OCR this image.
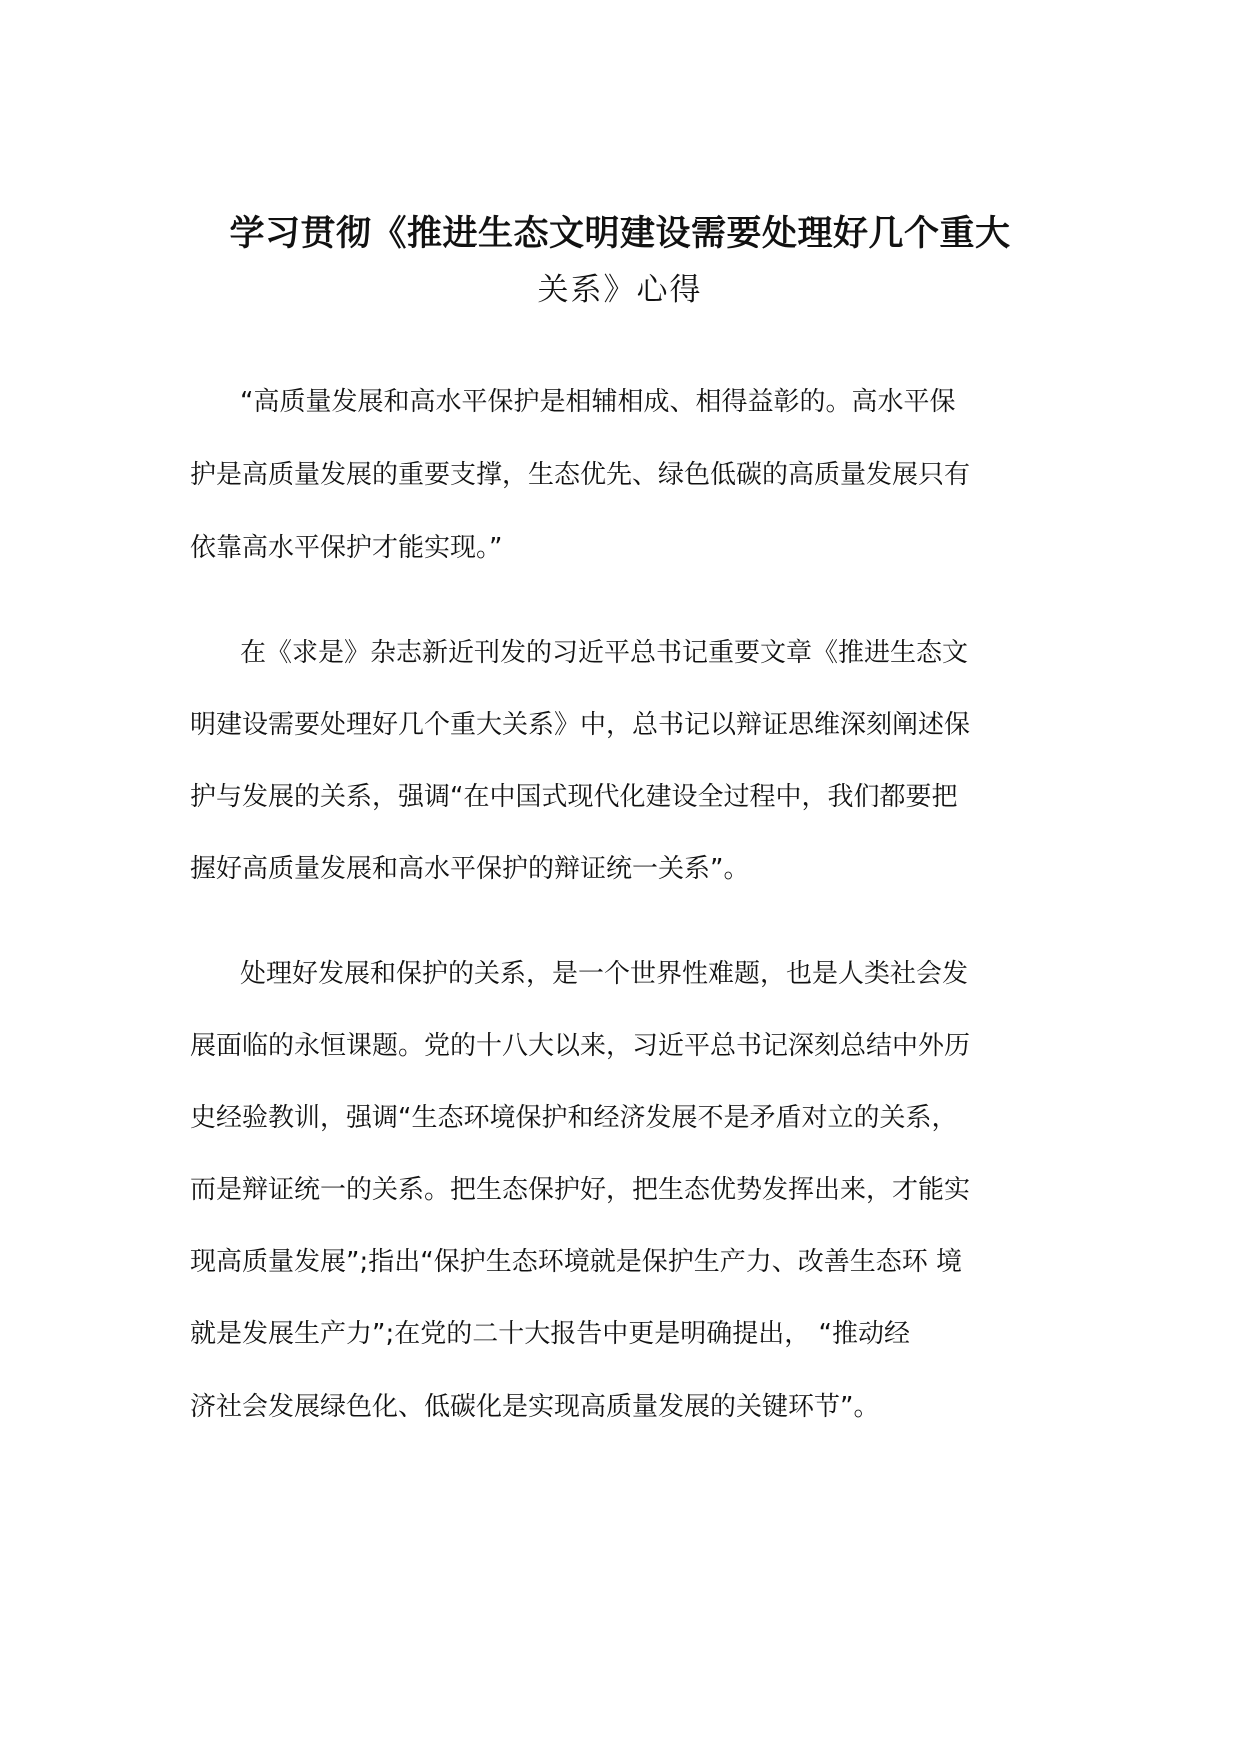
学习贯彻《推进生态文明建设需要处理好几个重大
关系》心得

“高质量发展和高水平保护是相辅相成、相得益彰的。高水平保

护是高质量发展的重要支撑，生态优先、绿色低碳的高质量发展只有

依靠高水平保护才能实现。”

在《求是》杂志新近刊发的习近平总书记重要文章《推进生态文

明建设需要处理好几个重大关系》中，总书记以辩证思维深刻阐述保

护与发展的关系，强调“在中国式现代化建设全过程中，我们都要把

握好高质量发展和高水平保护的辩证统一关系”。

处理好发展和保护的关系，是一个世界性难题，也是人类社会发

展面临的永恒课题。党的十八大以来，习近平总书记深刻总结中外历

史经验教训，强调“生态环境保护和经济发展不是矛盾对立的关系，

而是辩证统一的关系。把生态保护好，把生态优势发挥出来，才能实

现高质量发展”;指出“保护生态环境就是保护生产力、改善生态环 境

就是发展生产力”;在党的二十大报告中更是明确提出， “推动经

济社会发展绿色化、低碳化是实现高质量发展的关键环节”。
